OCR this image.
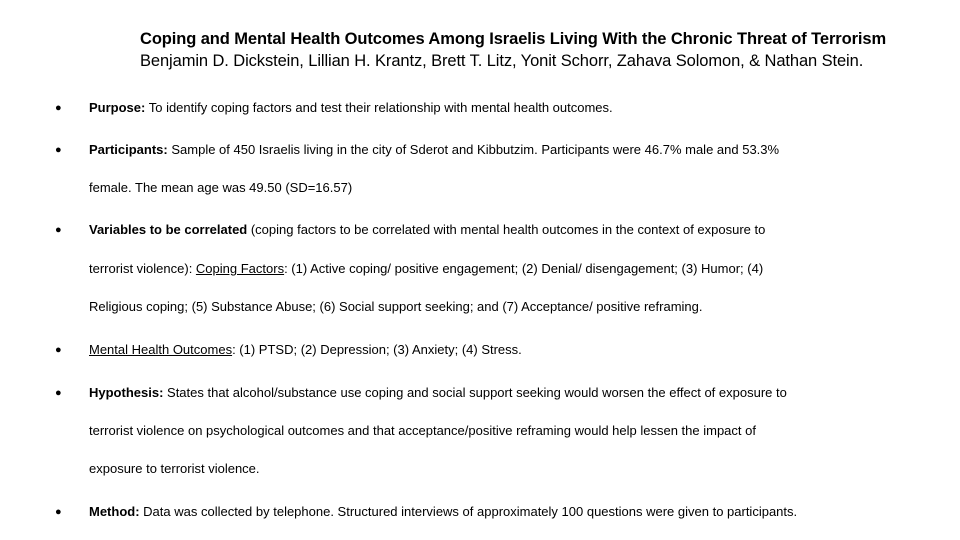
Coping and Mental Health Outcomes Among Israelis Living With the Chronic Threat of Terrorism
Benjamin D. Dickstein, Lillian H. Krantz, Brett T. Litz, Yonit Schorr, Zahava Solomon, & Nathan Stein.
●	Purpose: To identify coping factors and test their relationship with mental health outcomes.
●	Participants: Sample of 450 Israelis living in the city of Sderot and Kibbutzim. Participants were 46.7% male and 53.3%
female. The mean age was 49.50 (SD=16.57)
●	Variables to be correlated (coping factors to be correlated with mental health outcomes in the context of exposure to
terrorist violence): Coping Factors: (1) Active coping/ positive engagement; (2) Denial/ disengagement; (3) Humor; (4)
Religious coping; (5) Substance Abuse; (6) Social support seeking; and (7) Acceptance/ positive reframing.
●	Mental Health Outcomes: (1) PTSD; (2) Depression; (3) Anxiety; (4) Stress.
●	Hypothesis: States that alcohol/substance use coping and social support seeking would worsen the effect of exposure to
terrorist violence on psychological outcomes and that acceptance/positive reframing would help lessen the impact of
exposure to terrorist violence.
●	Method: Data was collected by telephone. Structured interviews of approximately 100 questions were given to participants.
